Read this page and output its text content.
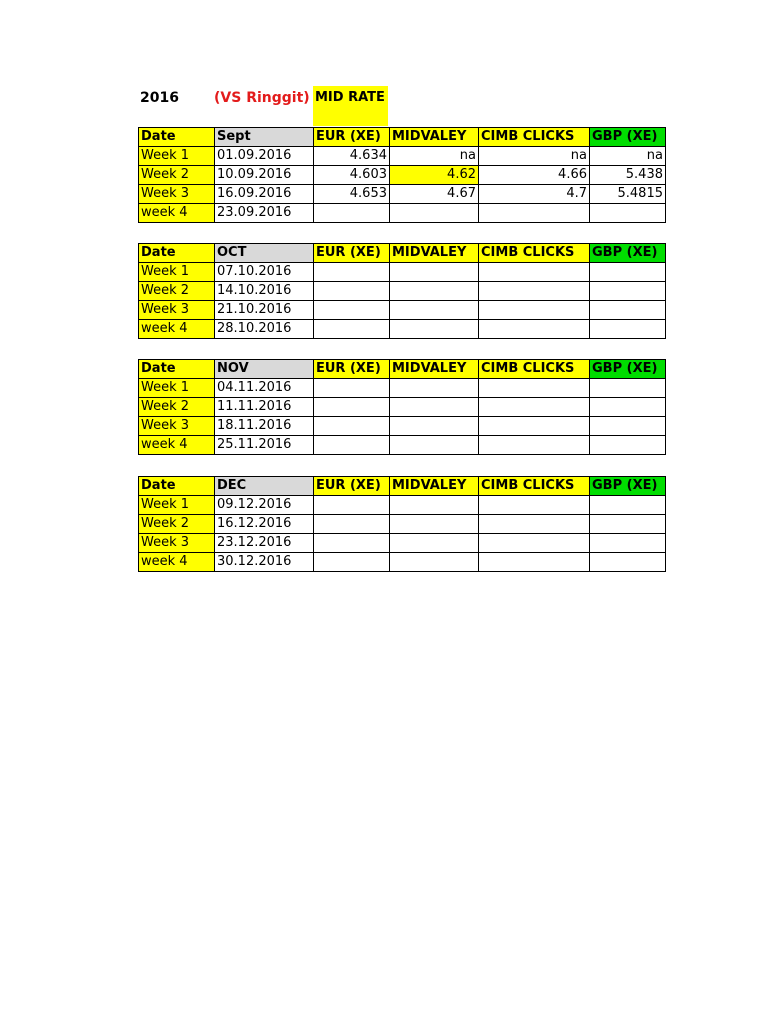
2016	(VS Ringgit) MID RATE
Date	Sept	EUR (XE)	MIDVALEY	CIMB CLICKS	GBP (XE)
Week 1	01.09.2016	4.634	na	na	na
Week 2	10.09.2016	4.603	4.62	4.66	5.438
Week 3	16.09.2016	4.653	4.67	4.7	5.4815
week 4	23.09.2016				
Date	OCT	EUR (XE)	MIDVALEY	CIMB CLICKS	GBP (XE)
Week 1	07.10.2016				
Week 2	14.10.2016				
Week 3	21.10.2016				
week 4	28.10.2016				
Date	NOV	EUR (XE)	MIDVALEY	CIMB CLICKS	GBP (XE)
Week 1	04.11.2016				
Week 2	11.11.2016				
Week 3	18.11.2016				
week 4	25.11.2016				
Date	DEC	EUR (XE)	MIDVALEY	CIMB CLICKS	GBP (XE)
Week 1	09.12.2016				
Week 2	16.12.2016				
Week 3	23.12.2016				
week 4	30.12.2016				
